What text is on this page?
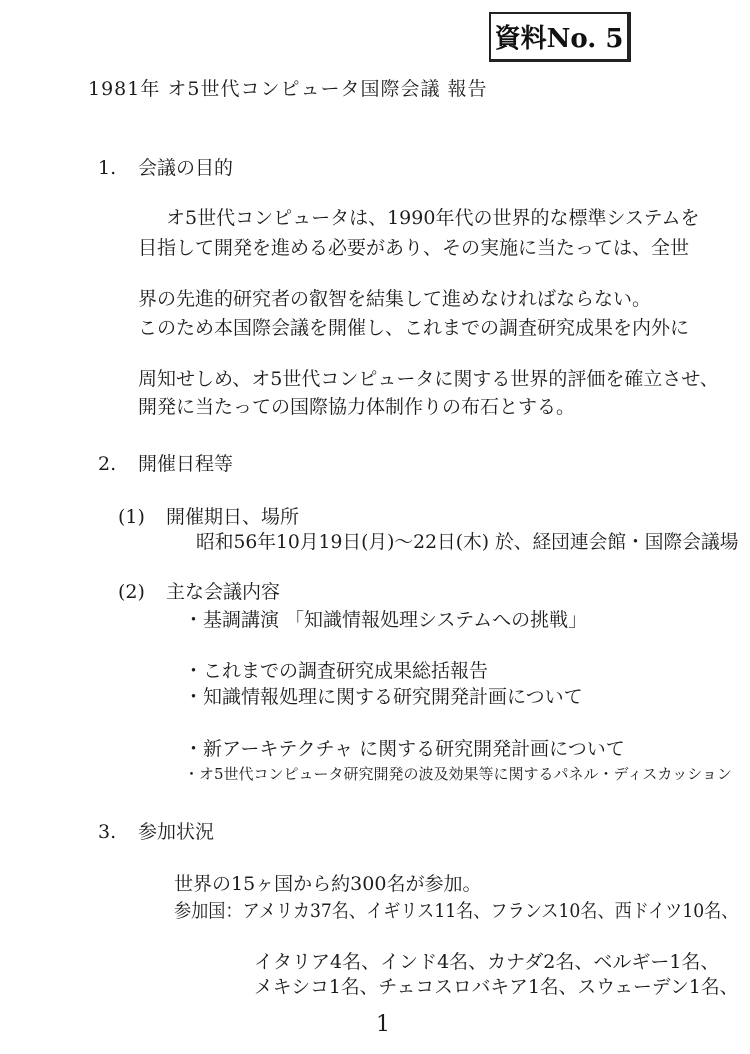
資料No. 5
1981年 オ5世代コンピュータ国際会議 報告
1. 会議の目的
オ5世代コンピュータは、1990年代の世界的な標準システムを
目指して開発を進める必要があり、その実施に当たっては、全世
界の先進的研究者の叡智を結集して進めなければならない。
このため本国際会議を開催し、これまでの調査研究成果を内外に
周知せしめ、オ5世代コンピュータに関する世界的評価を確立させ、
開発に当たっての国際協力体制作りの布石とする。
2. 開催日程等
(1) 開催期日、場所
昭和56年10月19日(月)～22日(木) 於、経団連会館・国際会議場
(2) 主な会議内容
・基調講演 「知識情報処理システムへの挑戦」
・これまでの調査研究成果総括報告
・知識情報処理に関する研究開発計画について
・新アーキテクチャ に関する研究開発計画について
・オ5世代コンピュータ研究開発の波及効果等に関するパネル・ディスカッション
3. 参加状況
世界の15ヶ国から約300名が参加。
参加国：アメリカ37名、イギリス11名、フランス10名、西ドイツ10名、
イタリア4名、インド4名、カナダ2名、ベルギー1名、
メキシコ1名、チェコスロバキア1名、スウェーデン1名、
1
